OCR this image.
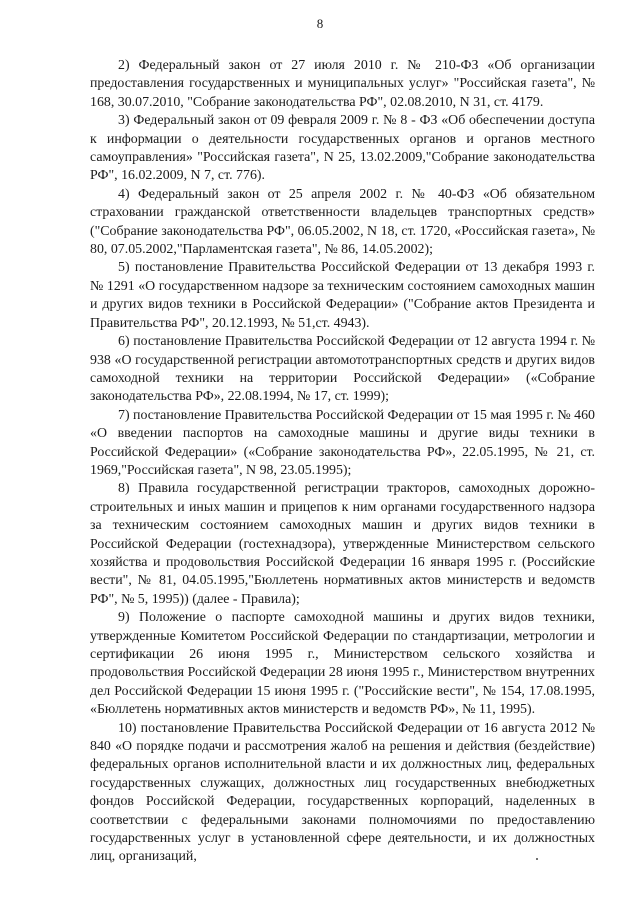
8

2) Федеральный закон от 27 июля 2010 г. № 210-ФЗ «Об организации предоставления государственных и муниципальных услуг» "Российская газета", № 168, 30.07.2010, "Собрание законодательства РФ", 02.08.2010, N 31, ст. 4179.

3) Федеральный закон от 09 февраля 2009 г. № 8 - ФЗ «Об обеспечении доступа к информации о деятельности государственных органов и органов местного самоуправления» "Российская газета", N 25, 13.02.2009,"Собрание законодательства РФ", 16.02.2009, N 7, ст. 776).

4) Федеральный закон от 25 апреля 2002 г. № 40-ФЗ «Об обязательном страховании гражданской ответственности владельцев транспортных средств» ("Собрание законодательства РФ", 06.05.2002, N 18, ст. 1720, «Российская газета», № 80, 07.05.2002,"Парламентская газета", № 86, 14.05.2002);

5) постановление Правительства Российской Федерации от 13 декабря 1993 г. № 1291 «О государственном надзоре за техническим состоянием самоходных машин и других видов техники в Российской Федерации» ("Собрание актов Президента и Правительства РФ", 20.12.1993, № 51,ст. 4943).

6) постановление Правительства Российской Федерации от 12 августа 1994 г. № 938 «О государственной регистрации автомототранспортных средств и других видов самоходной техники на территории Российской Федерации» («Собрание законодательства РФ», 22.08.1994, № 17, ст. 1999);

7) постановление Правительства Российской Федерации от 15 мая 1995 г. № 460 «О введении паспортов на самоходные машины и другие виды техники в Российской Федерации» («Собрание законодательства РФ», 22.05.1995, № 21, ст. 1969,"Российская газета", N 98, 23.05.1995);

8) Правила государственной регистрации тракторов, самоходных дорожно-строительных и иных машин и прицепов к ним органами государственного надзора за техническим состоянием самоходных машин и других видов техники в Российской Федерации (гостехнадзора), утвержденные Министерством сельского хозяйства и продовольствия Российской Федерации 16 января 1995 г. (Российские вести", № 81, 04.05.1995,"Бюллетень нормативных актов министерств и ведомств РФ", № 5, 1995)) (далее - Правила);

9) Положение о паспорте самоходной машины и других видов техники, утвержденные Комитетом Российской Федерации по стандартизации, метрологии и сертификации 26 июня 1995 г., Министерством сельского хозяйства и продовольствия Российской Федерации 28 июня 1995 г., Министерством внутренних дел Российской Федерации 15 июня 1995 г. ("Российские вести", № 154, 17.08.1995, «Бюллетень нормативных актов министерств и ведомств РФ», № 11, 1995).

10) постановление Правительства Российской Федерации от 16 августа 2012 № 840 «О порядке подачи и рассмотрения жалоб на решения и действия (бездействие) федеральных органов исполнительной власти и их должностных лиц, федеральных государственных служащих, должностных лиц государственных внебюджетных фондов Российской Федерации, государственных корпораций, наделенных в соответствии с федеральными законами полномочиями по предоставлению государственных услуг в установленной сфере деятельности, и их должностных лиц, организаций,
